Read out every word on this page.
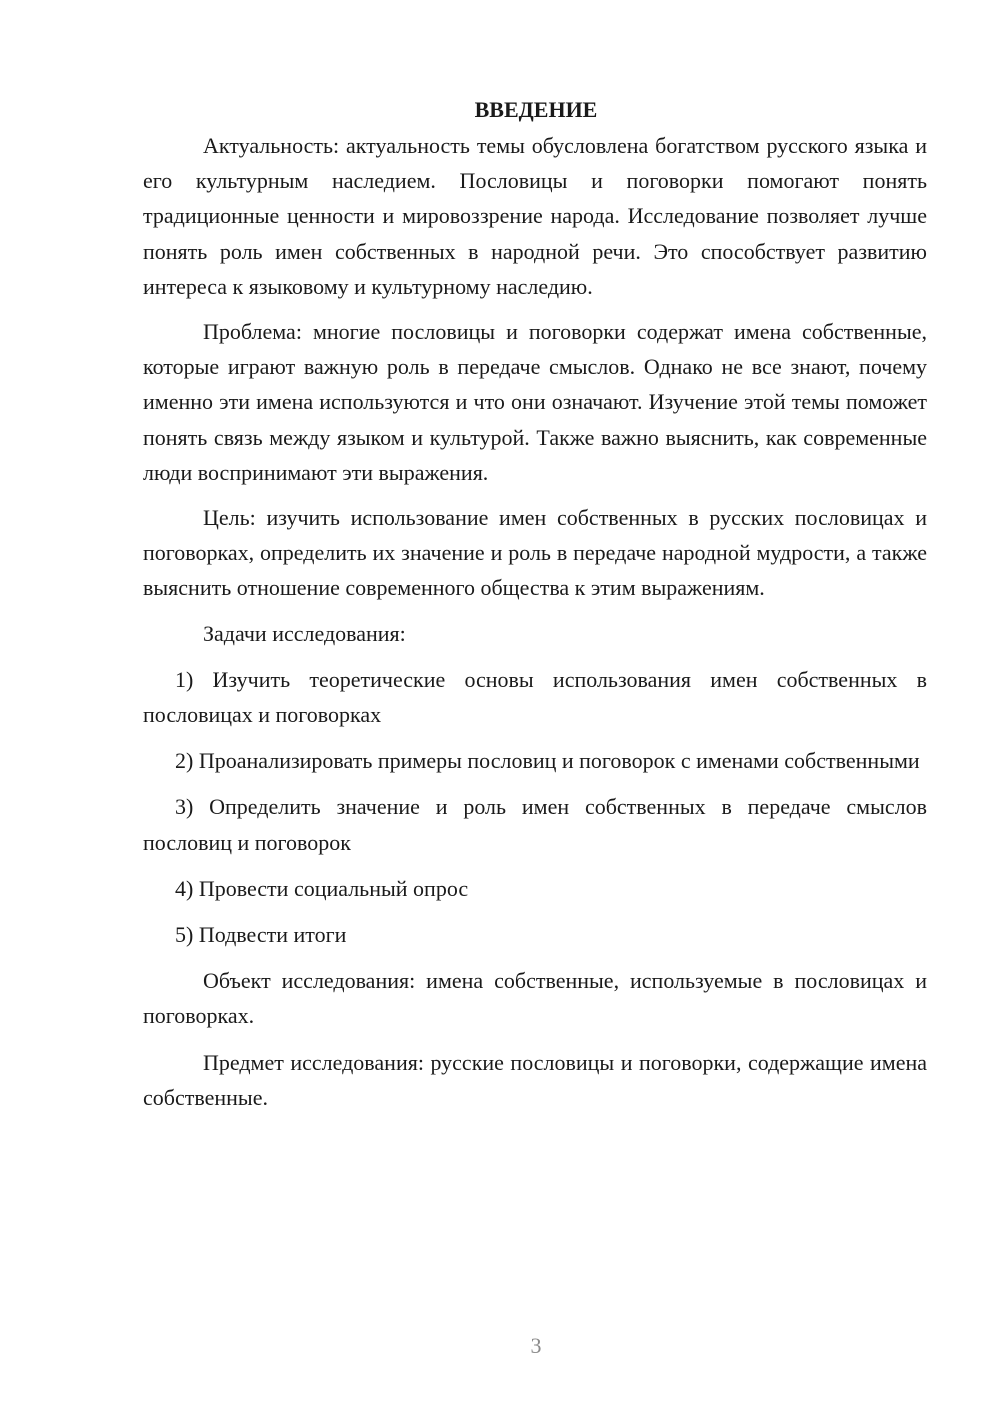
ВВЕДЕНИЕ

Актуальность: актуальность темы обусловлена богатством русского языка и его культурным наследием. Пословицы и поговорки помогают понять традиционные ценности и мировоззрение народа. Исследование позволяет лучше понять роль имен собственных в народной речи. Это способствует развитию интереса к языковому и культурному наследию.

Проблема: многие пословицы и поговорки содержат имена собственные, которые играют важную роль в передаче смыслов. Однако не все знают, почему именно эти имена используются и что они означают. Изучение этой темы поможет понять связь между языком и культурой. Также важно выяснить, как современные люди воспринимают эти выражения.

Цель: изучить использование имен собственных в русских пословицах и поговорках, определить их значение и роль в передаче народной мудрости, а также выяснить отношение современного общества к этим выражениям.

Задачи исследования:

1) Изучить теоретические основы использования имен собственных в пословицах и поговорках

2) Проанализировать примеры пословиц и поговорок с именами собственными

3) Определить значение и роль имен собственных в передаче смыслов пословиц и поговорок

4) Провести социальный опрос

5) Подвести итоги

Объект исследования: имена собственные, используемые в пословицах и поговорках.

Предмет исследования: русские пословицы и поговорки, содержащие имена собственные.

3
